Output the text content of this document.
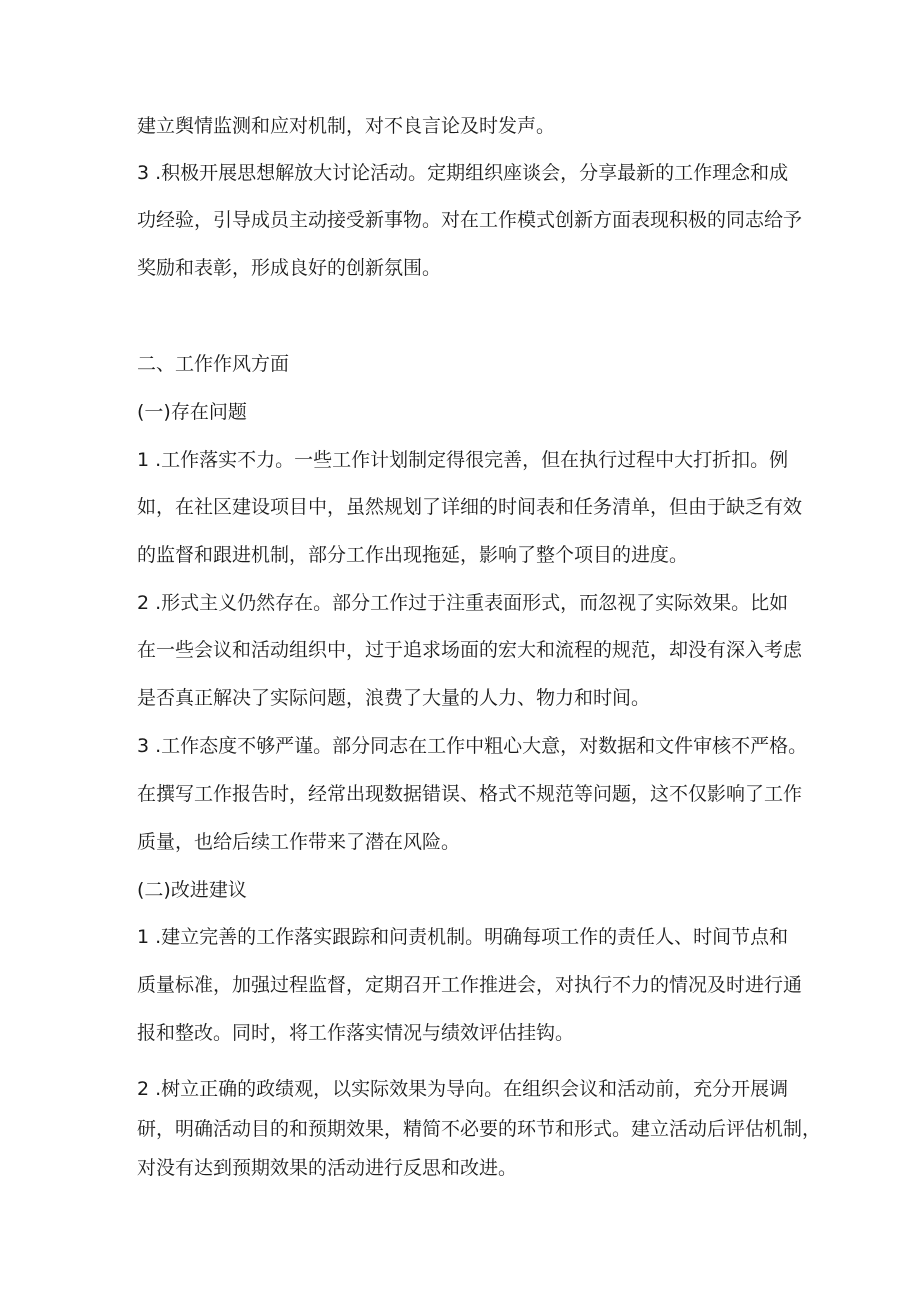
建立舆情监测和应对机制，对不良言论及时发声。
3 .积极开展思想解放大讨论活动。定期组织座谈会，分享最新的工作理念和成
功经验，引导成员主动接受新事物。对在工作模式创新方面表现积极的同志给予
奖励和表彰，形成良好的创新氛围。
二、工作作风方面
(一)存在问题
1 .工作落实不力。一些工作计划制定得很完善，但在执行过程中大打折扣。例
如，在社区建设项目中，虽然规划了详细的时间表和任务清单，但由于缺乏有效
的监督和跟进机制，部分工作出现拖延，影响了整个项目的进度。
2 .形式主义仍然存在。部分工作过于注重表面形式，而忽视了实际效果。比如
在一些会议和活动组织中，过于追求场面的宏大和流程的规范，却没有深入考虑
是否真正解决了实际问题，浪费了大量的人力、物力和时间。
3 .工作态度不够严谨。部分同志在工作中粗心大意，对数据和文件审核不严格。
在撰写工作报告时，经常出现数据错误、格式不规范等问题，这不仅影响了工作
质量，也给后续工作带来了潜在风险。
(二)改进建议
1 .建立完善的工作落实跟踪和问责机制。明确每项工作的责任人、时间节点和
质量标准，加强过程监督，定期召开工作推进会，对执行不力的情况及时进行通
报和整改。同时，将工作落实情况与绩效评估挂钩。
2 .树立正确的政绩观，以实际效果为导向。在组织会议和活动前，充分开展调
研，明确活动目的和预期效果，精简不必要的环节和形式。建立活动后评估机制，
对没有达到预期效果的活动进行反思和改进。
